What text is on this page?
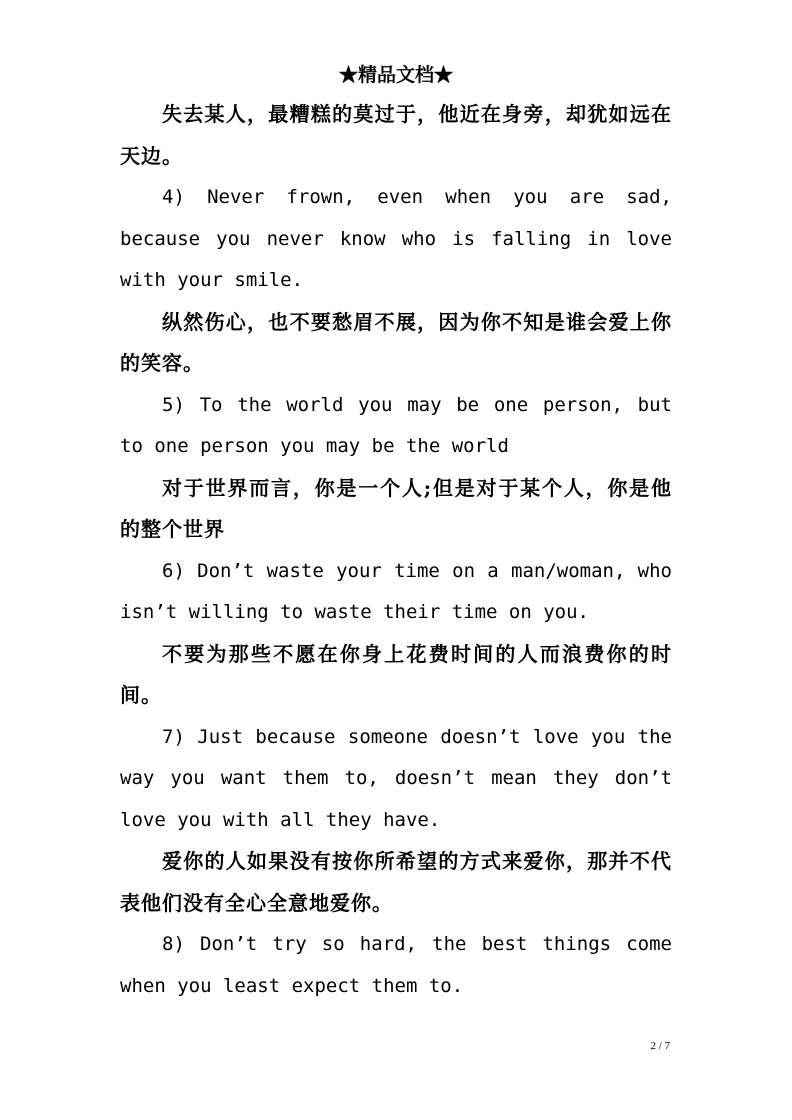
★精品文档★

失去某人，最糟糕的莫过于，他近在身旁，却犹如远在天边。

4) Never frown, even when you are sad, because you never know who is falling in love with your smile.

纵然伤心，也不要愁眉不展，因为你不知是谁会爱上你的笑容。

5) To the world you may be one person, but to one person you may be the world

对于世界而言，你是一个人;但是对于某个人，你是他的整个世界

6) Don’t waste your time on a man/woman, who isn’t willing to waste their time on you.

不要为那些不愿在你身上花费时间的人而浪费你的时间。

7) Just because someone doesn’t love you the way you want them to, doesn’t mean they don’t love you with all they have.

爱你的人如果没有按你所希望的方式来爱你，那并不代表他们没有全心全意地爱你。

8) Don’t try so hard, the best things come when you least expect them to.

2 / 7
